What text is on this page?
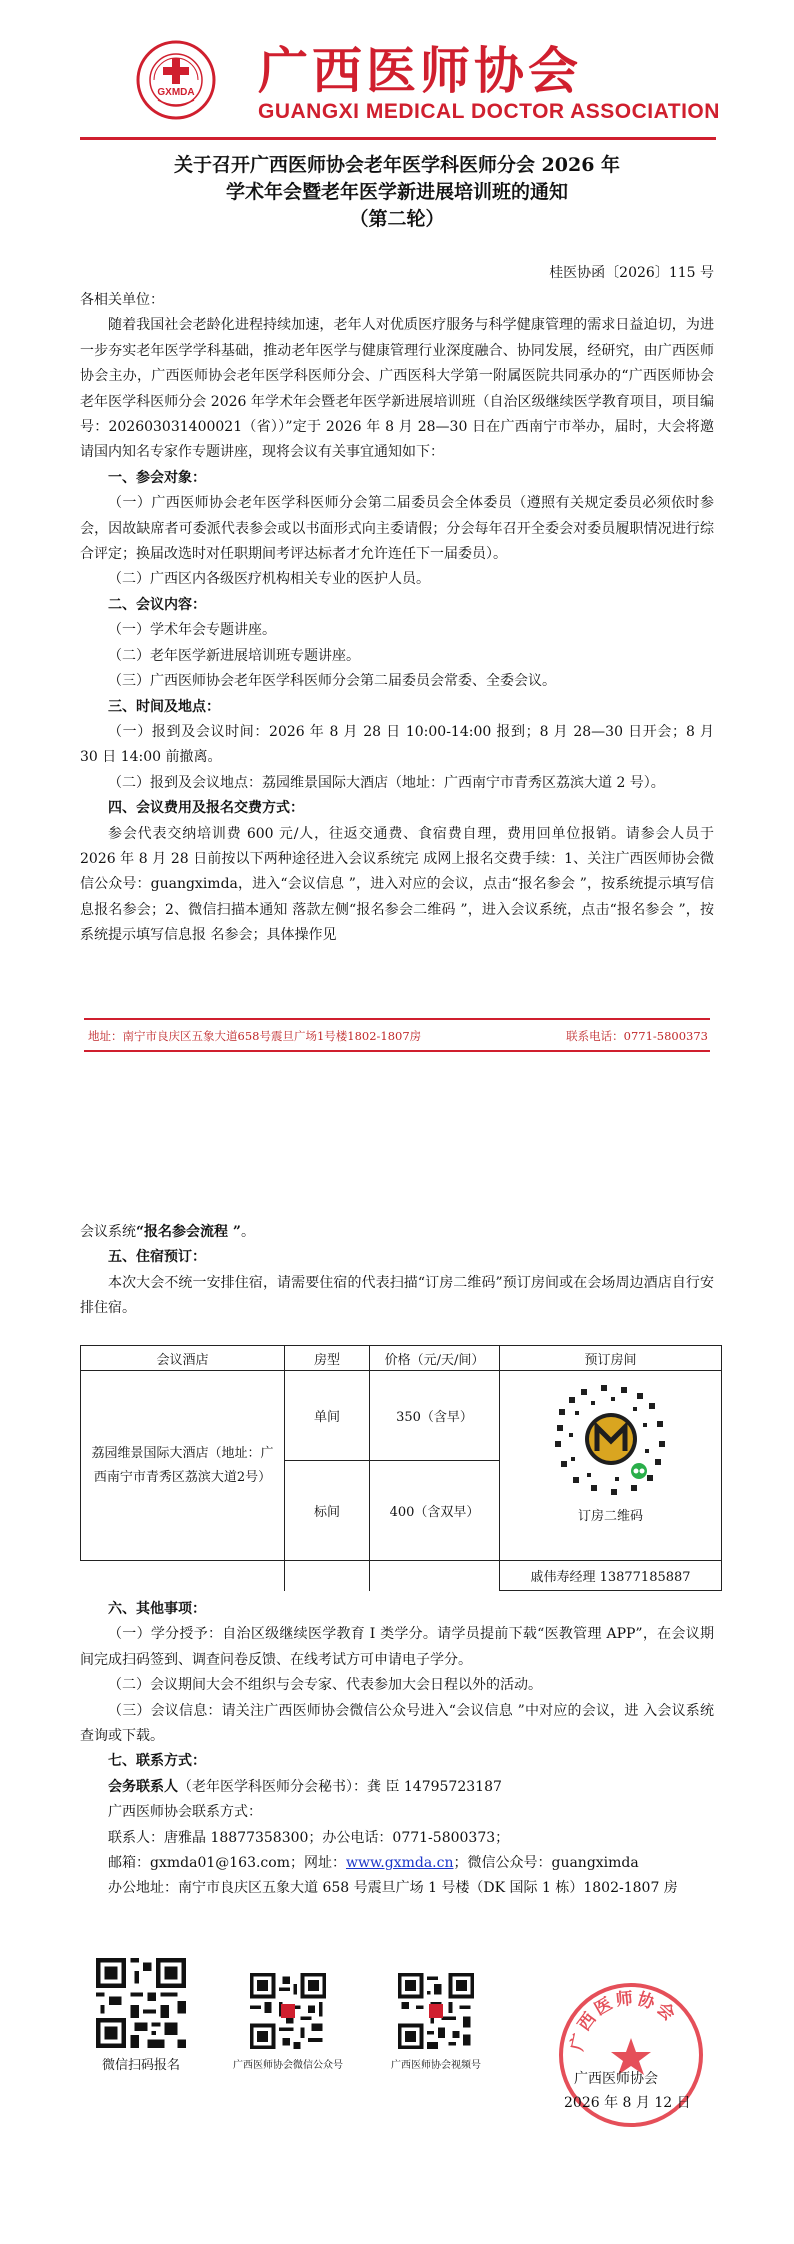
GXMDA 广西医师协会
GUANGXI MEDICAL DOCTOR ASSOCIATION
关于召开广西医师协会老年医学科医师分会 2026 年
学术年会暨老年医学新进展培训班的通知
（第二轮）
桂医协函〔2026〕115 号

各相关单位：

随着我国社会老龄化进程持续加速，老年人对优质医疗服务与科学健康管理的需求日益迫切，为进一步夯实老年医学学科基础，推动老年医学与健康管理行业深度融合、协同发展，经研究，由广西医师协会主办，广西医师协会老年医学科医师分会、广西医科大学第一附属医院共同承办的“广西医师协会老年医学科医师分会 2026 年学术年会暨老年医学新进展培训班（自治区级继续医学教育项目，项目编号：202603031400021（省））”定于 2026 年 8 月 28—30 日在广西南宁市举办，届时，大会将邀请国内知名专家作专题讲座，现将会议有关事宜通知如下：

一、参会对象：

（一）广西医师协会老年医学科医师分会第二届委员会全体委员（遵照有关规定委员必须依时参会，因故缺席者可委派代表参会或以书面形式向主委请假；分会每年召开全委会对委员履职情况进行综合评定；换届改选时对任职期间考评达标者才允许连任下一届委员）。

（二）广西区内各级医疗机构相关专业的医护人员。

二、会议内容：

（一）学术年会专题讲座。

（二）老年医学新进展培训班专题讲座。

（三）广西医师协会老年医学科医师分会第二届委员会常委、全委会议。

三、时间及地点：

（一）报到及会议时间：2026 年 8 月 28 日 10:00-14:00 报到；8 月 28—30 日开会；8 月 30 日 14:00 前撤离。

（二）报到及会议地点：荔园维景国际大酒店（地址：广西南宁市青秀区荔滨大道 2 号）。

四、会议费用及报名交费方式：

参会代表交纳培训费 600 元/人，往返交通费、食宿费自理，费用回单位报销。请参会人员于 2026 年 8 月 28 日前按以下两种途径进入会议系统完 成网上报名交费手续：1、关注广西医师协会微信公众号：guangximda，进入“会议信息 ”，进入对应的会议，点击“报名参会 ”，按系统提示填写信息报名参会；2、微信扫描本通知 落款左侧“报名参会二维码 ”，进入会议系统，点击“报名参会 ”，按系统提示填写信息报 名参会；具体操作见

地址：南宁市良庆区五象大道658号震旦广场1号楼1802-1807房	联系电话：0771-5800373

会议系统“报名参会流程 ”。

五、住宿预订：

本次大会不统一安排住宿，请需要住宿的代表扫描“订房二维码”预订房间或在会场周边酒店自行安排住宿。

会议酒店	房型	价格（元/天/间）	预订房间
荔园维景国际大酒店（地址：广西南宁市青秀区荔滨大道2号）	单间	350（含早）	订房二维码

	标间	400（含双早）	
			戚伟寿经理 13877185887

六、其他事项：

（一）学分授予：自治区级继续医学教育 I 类学分。请学员提前下载“医教管理 APP”，在会议期间完成扫码签到、调查问卷反馈、在线考试方可申请电子学分。

（二）会议期间大会不组织与会专家、代表参加大会日程以外的活动。

（三）会议信息：请关注广西医师协会微信公众号进入“会议信息 ”中对应的会议，进 入会议系统查询或下载。

七、联系方式：

会务联系人（老年医学科医师分会秘书）：龚 臣 14795723187

广西医师协会联系方式：

联系人：唐雅晶 18877358300；办公电话：0771-5800373；

邮箱：gxmda01@163.com；网址：www.gxmda.cn；微信公众号：guangximda

办公地址：南宁市良庆区五象大道 658 号震旦广场 1 号楼（DK 国际 1 栋）1802-1807 房

微信扫码报名	广西医师协会微信公众号	广西医师协会视频号
广西医师协会
广西医师协会
2026 年 8 月 12 日
